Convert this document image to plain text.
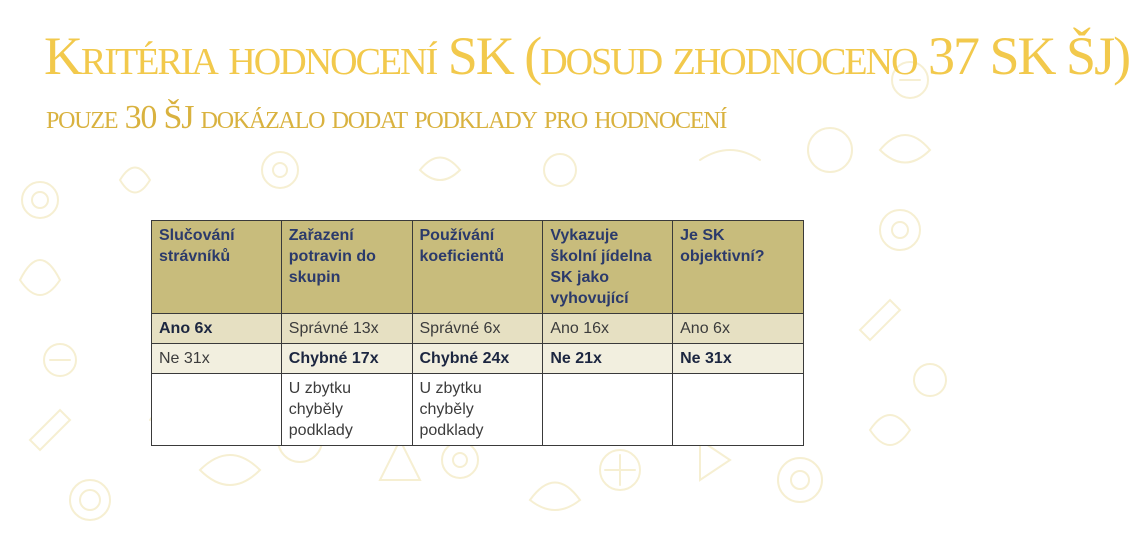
Kritéria hodnocení SK (dosud zhodnoceno 37 SK ŠJ)
pouze 30 ŠJ dokázalo dodat podklady pro hodnocení
Slučování strávníků	Zařazení potravin do skupin	Používání koeficientů	Vykazuje školní jídelna SK jako vyhovující	Je SK objektivní?
Ano 6x	Správné 13x	Správné 6x	Ano 16x	Ano 6x
Ne 31x	Chybné 17x	Chybné 24x	Ne 21x	Ne 31x
	U zbytku chyběly podklady	U zbytku chyběly podklady		
